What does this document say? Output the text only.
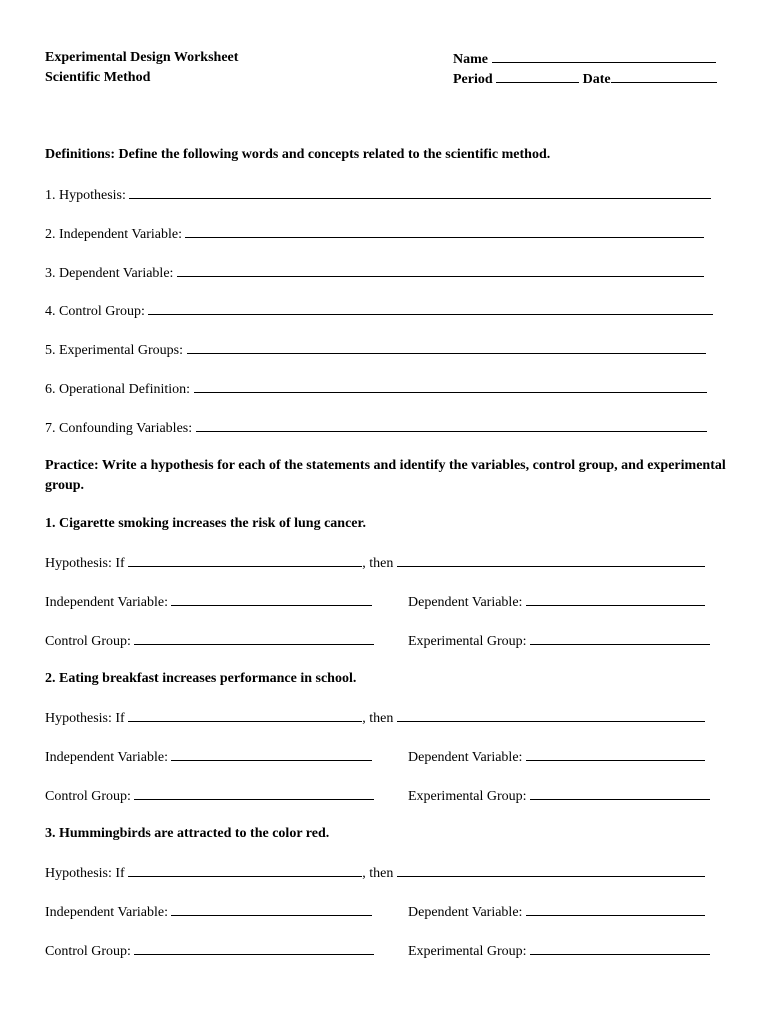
Experimental Design Worksheet
Scientific Method
Name
Period	Date
Definitions: Define the following words and concepts related to the scientific method.
1. Hypothesis:
2. Independent Variable:
3. Dependent Variable:
4. Control Group:
5. Experimental Groups:
6. Operational Definition:
7. Confounding Variables:
Practice: Write a hypothesis for each of the statements and identify the variables, control group, and experimental group.
1. Cigarette smoking increases the risk of lung cancer.
Hypothesis: If	, then
Independent Variable:	Dependent Variable:
Control Group:	Experimental Group:
2. Eating breakfast increases performance in school.
Hypothesis: If	, then
Independent Variable:	Dependent Variable:
Control Group:	Experimental Group:
3. Hummingbirds are attracted to the color red.
Hypothesis: If	, then
Independent Variable:	Dependent Variable:
Control Group:	Experimental Group:
